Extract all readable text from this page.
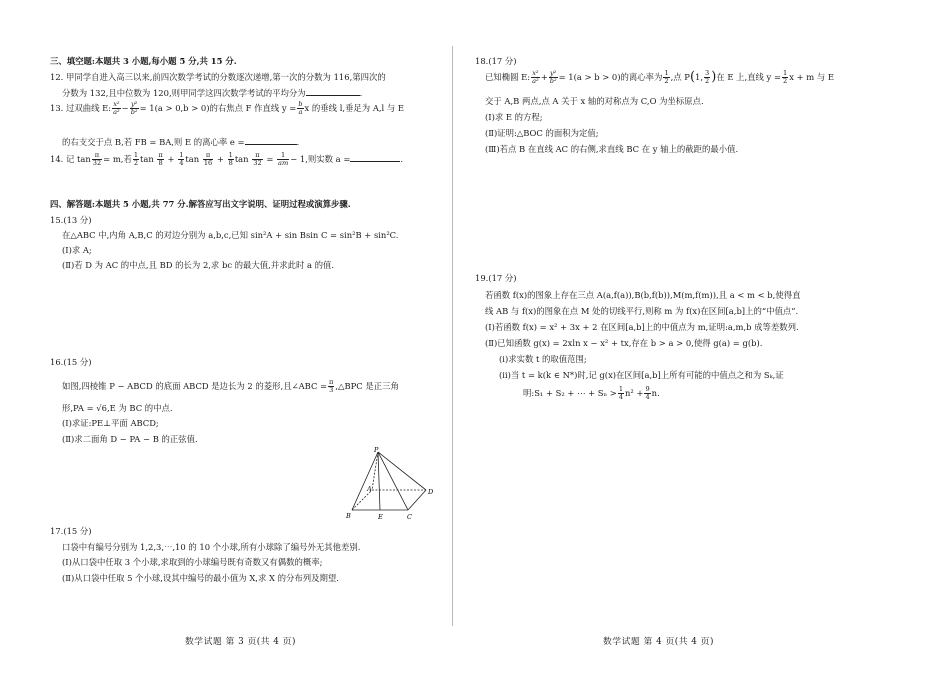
三、填空题:本题共 3 小题,每小题 5 分,共 15 分.
12. 甲同学自进入高三以来,前四次数学考试的分数逐次递增,第一次的分数为 116,第四次的
分数为 132,且中位数为 120,则甲同学这四次数学考试的平均分为	.
13. 过双曲线 E: $\frac{\text{x²}}{\text{a²}} - \frac{\text{y²}}{\text{b²}} = 1(a > 0,b > 0)$的右焦点 F 作直线 $y = \frac{b}{a}$ x 的垂线 l,垂足为 A,l 与 E
的右支交于点 B,若 FB = BA,则 E 的离心率 e =	.
14. 记 $\tan \frac{\pi}{32} = m$,若 $\frac{1}{2}$ $\tan \frac{\pi}{8} + \frac{1}{4}$ $\tan \frac{\pi}{16} + \frac{1}{8}$ $\tan \frac{\pi}{32} = \frac{1}{am} - 1$,则实数 a =	.
四、解答题:本题共 5 小题,共 77 分.解答应写出文字说明、证明过程或演算步骤.
15.(13 分)
在△ABC 中,内角 A,B,C 的对边分别为 a,b,c,已知 sin²A + sin Bsin C = sin²B + sin²C.
(Ⅰ)求 A;
(Ⅱ)若 D 为 AC 的中点,且 BD 的长为 2,求 bc 的最大值,并求此时 a 的值.
16.(15 分)
如图,四棱锥 P − ABCD 的底面 ABCD 是边长为 2 的菱形,且∠ABC = $\frac{\pi}{3}$ ,△BPC 是正三角
形,PA = √6,E 为 BC 的中点.
(Ⅰ)求证:PE⊥平面 ABCD;
(Ⅱ)求二面角 D − PA − B 的正弦值.
P
A
B	E	C
D
17.(15 分)
口袋中有编号分别为 1,2,3,⋯,10 的 10 个小球,所有小球除了编号外无其他差别.
(Ⅰ)从口袋中任取 3 个小球,求取到的小球编号既有奇数又有偶数的概率;
(Ⅱ)从口袋中任取 5 个小球,设其中编号的最小值为 X,求 X 的分布列及期望.
数学试题 第 3 页(共 4 页)
18.(17 分)
已知椭圆 E: $\frac{\text{x²}}{\text{a²}} + \frac{\text{y²}}{\text{b²}} = 1(a > b > 0)$的离心率为 $\frac{1}{2}$ ,点 P(1, $\frac{3}{2}$ )在 E 上,直线 $y = \frac{1}{2}$ x + m 与 E
交于 A,B 两点,点 A 关于 x 轴的对称点为 C,O 为坐标原点.
(Ⅰ)求 E 的方程;
(Ⅱ)证明:△BOC 的面积为定值;
(Ⅲ)若点 B 在直线 AC 的右侧,求直线 BC 在 y 轴上的截距的最小值.
19.(17 分)
若函数 f(x)的图象上存在三点 A(a,f(a)),B(b,f(b)),M(m,f(m)),且 a < m < b,使得直
线 AB 与 f(x)的图象在点 M 处的切线平行,则称 m 为 f(x)在区间[a,b]上的“中值点”.
(Ⅰ)若函数 f(x) = x² + 3x + 2 在区间[a,b]上的中值点为 m,证明:a,m,b 成等差数列.
(Ⅱ)已知函数 g(x) = 2xln x − x² + tx,存在 b > a > 0,使得 g(a) = g(b).
(ⅰ)求实数 t 的取值范围;
(ⅱ)当 t = k(k ∈ N*)时,记 g(x)在区间[a,b]上所有可能的中值点之和为 Sₖ,证
明:S₁ + S₂ + ⋯ + $S_n > \frac{1}{4} n^2 + \frac{9}{4} n$.
数学试题 第 4 页(共 4 页)
